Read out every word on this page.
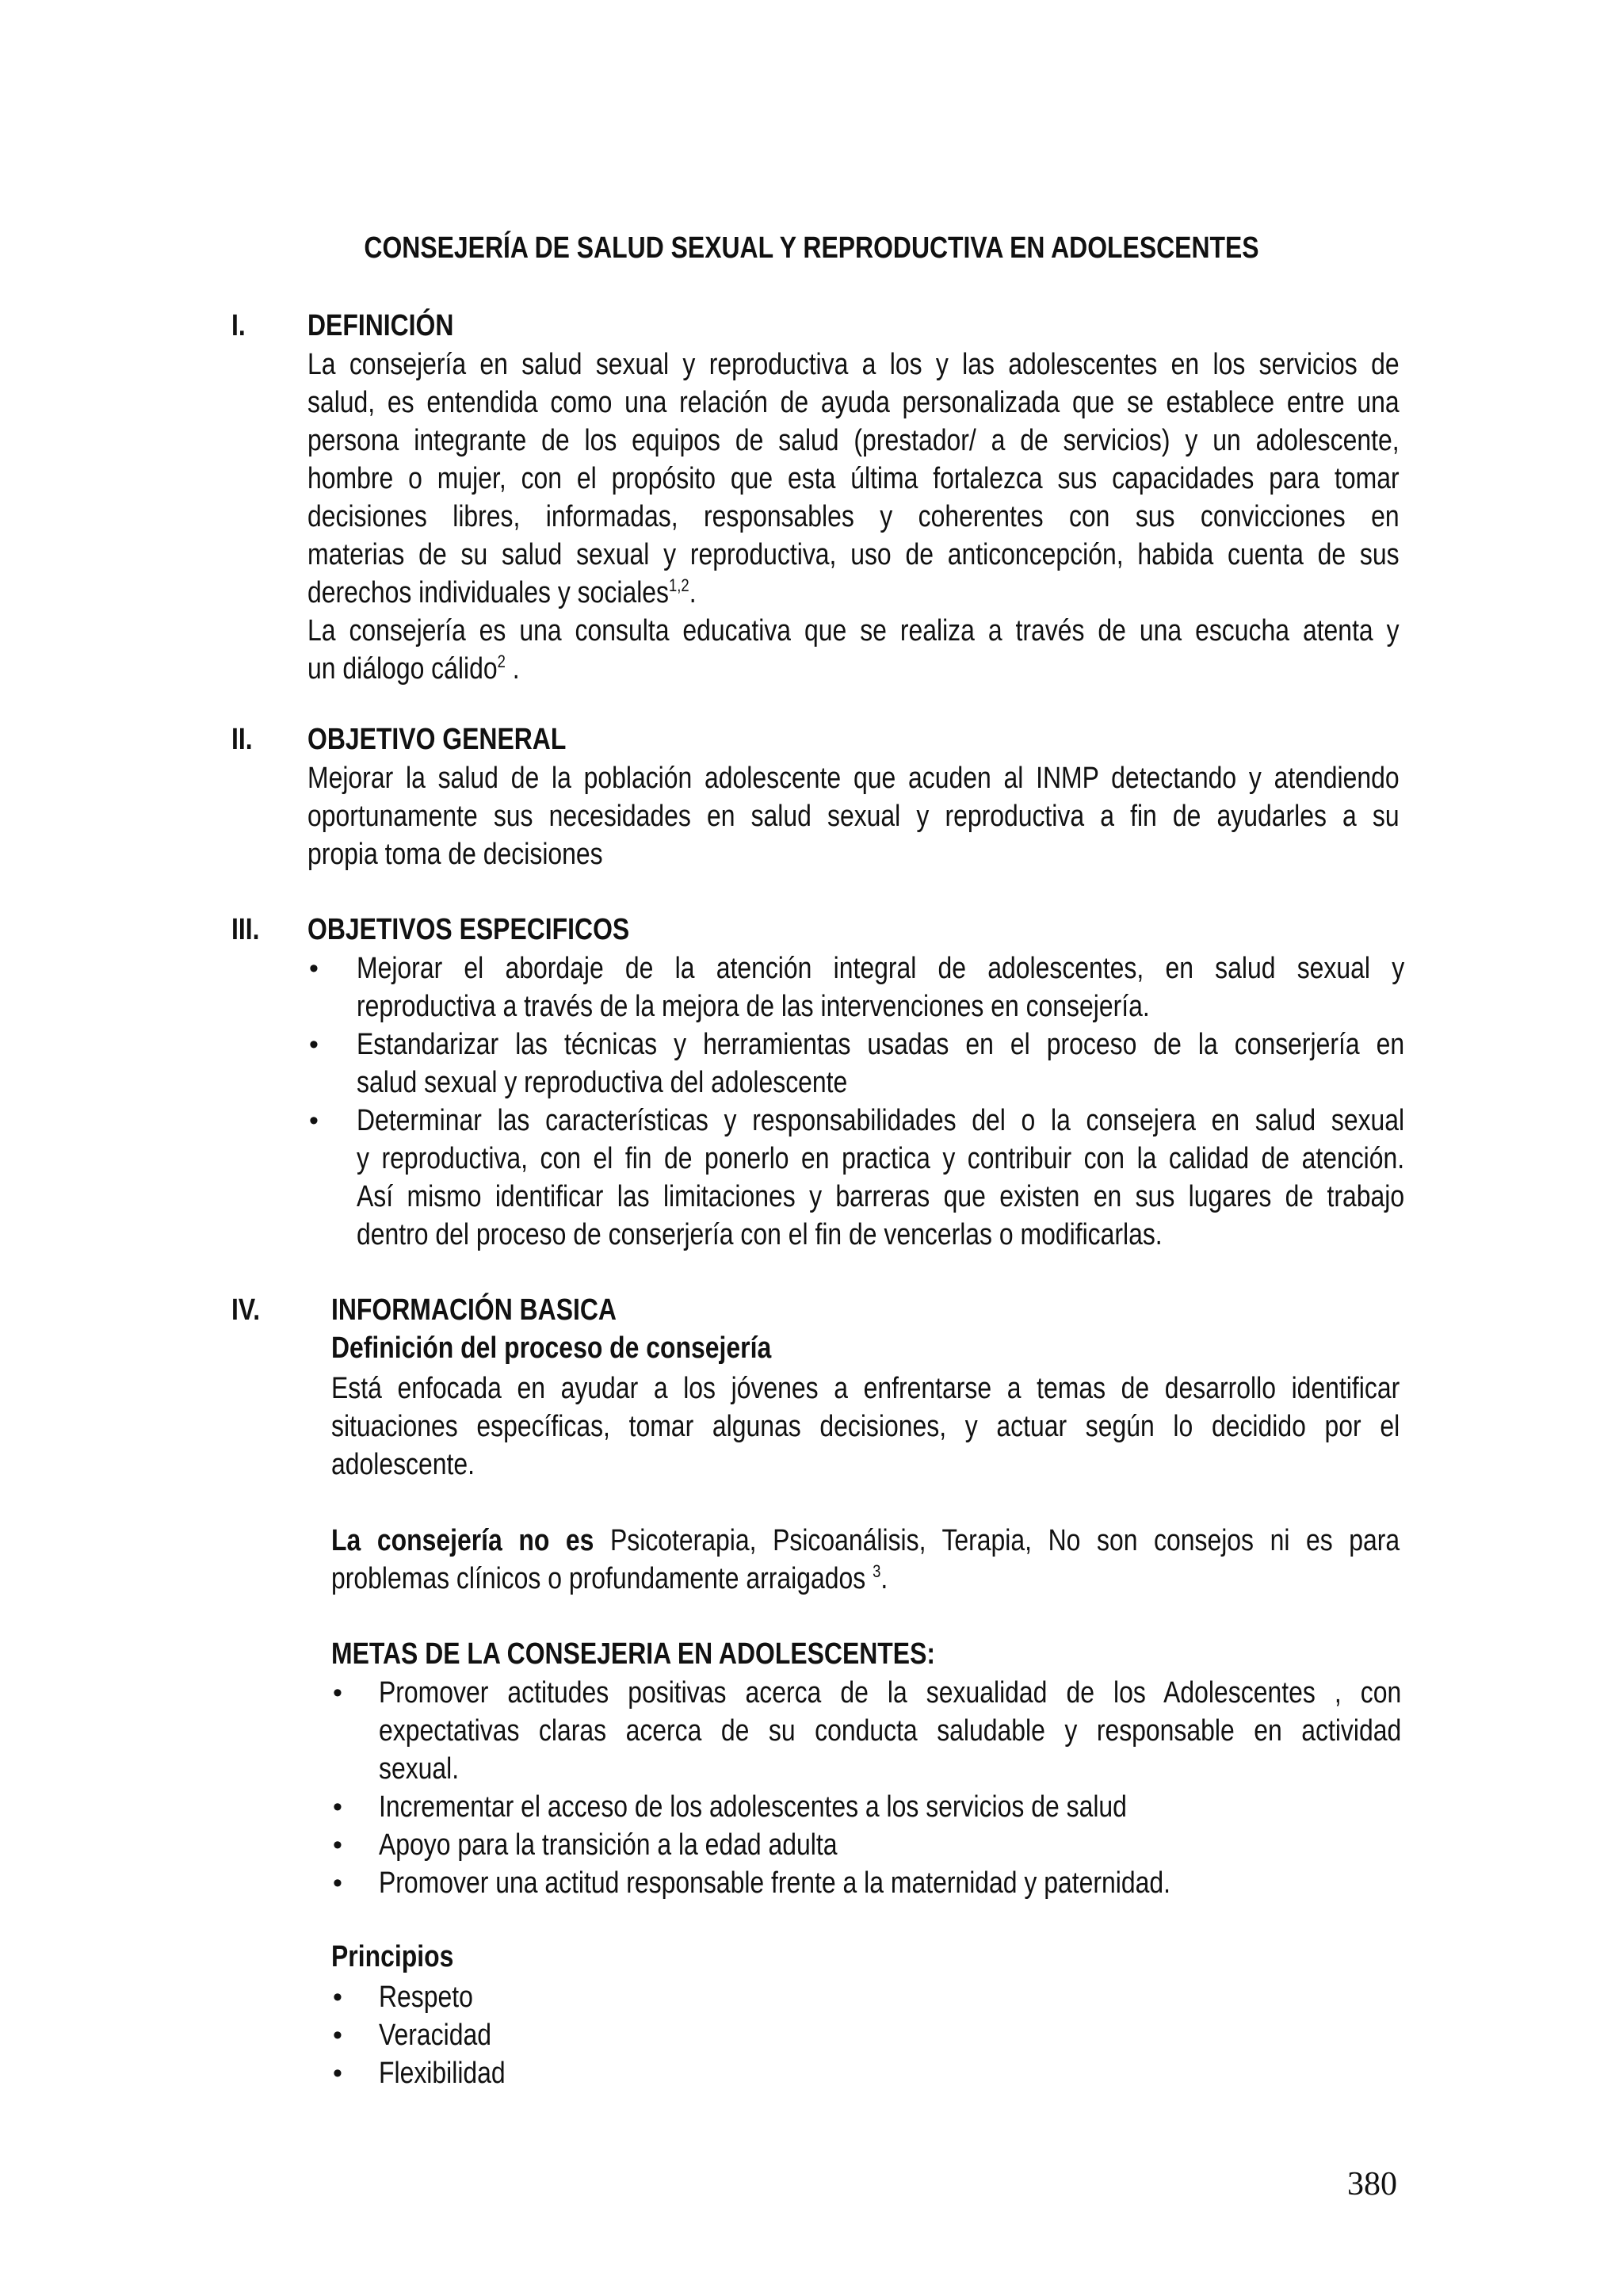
CONSEJERÍA DE SALUD SEXUAL Y REPRODUCTIVA EN ADOLESCENTES
I. DEFINICIÓN
La consejería en salud sexual y reproductiva a los y las adolescentes en los servicios de
salud, es entendida como una relación de ayuda personalizada que se establece entre una
persona integrante de los equipos de salud (prestador/ a de servicios) y un adolescente,
hombre o mujer, con el propósito que esta última fortalezca sus capacidades para tomar
decisiones libres, informadas, responsables y coherentes con sus convicciones en
materias de su salud sexual y reproductiva, uso de anticoncepción, habida cuenta de sus
derechos individuales y sociales$^{1,2}$.
La consejería es una consulta educativa que se realiza a través de una escucha atenta y
un diálogo cálido$^2$ .
II. OBJETIVO GENERAL
Mejorar la salud de la población adolescente que acuden al INMP detectando y atendiendo
oportunamente sus necesidades en salud sexual y reproductiva a fin de ayudarles a su
propia toma de decisiones
III. OBJETIVOS ESPECIFICOS
• Mejorar el abordaje de la atención integral de adolescentes, en salud sexual y
reproductiva a través de la mejora de las intervenciones en consejería.
• Estandarizar las técnicas y herramientas usadas en el proceso de la conserjería en
salud sexual y reproductiva del adolescente
• Determinar las características y responsabilidades del o la consejera en salud sexual
y reproductiva, con el fin de ponerlo en practica y contribuir con la calidad de atención.
Así mismo identificar las limitaciones y barreras que existen en sus lugares de trabajo
dentro del proceso de conserjería con el fin de vencerlas o modificarlas.
IV. INFORMACIÓN BASICA
Definición del proceso de consejería
Está enfocada en ayudar a los jóvenes a enfrentarse a temas de desarrollo identificar
situaciones específicas, tomar algunas decisiones, y actuar según lo decidido por el
adolescente.
La consejería no es Psicoterapia, Psicoanálisis, Terapia, No son consejos ni es para
problemas clínicos o profundamente arraigados $^3$.
METAS DE LA CONSEJERIA EN ADOLESCENTES:
• Promover actitudes positivas acerca de la sexualidad de los Adolescentes , con
expectativas claras acerca de su conducta saludable y responsable en actividad
sexual.
• Incrementar el acceso de los adolescentes a los servicios de salud
• Apoyo para la transición a la edad adulta
• Promover una actitud responsable frente a la maternidad y paternidad.
Principios
• Respeto
• Veracidad
• Flexibilidad
380
